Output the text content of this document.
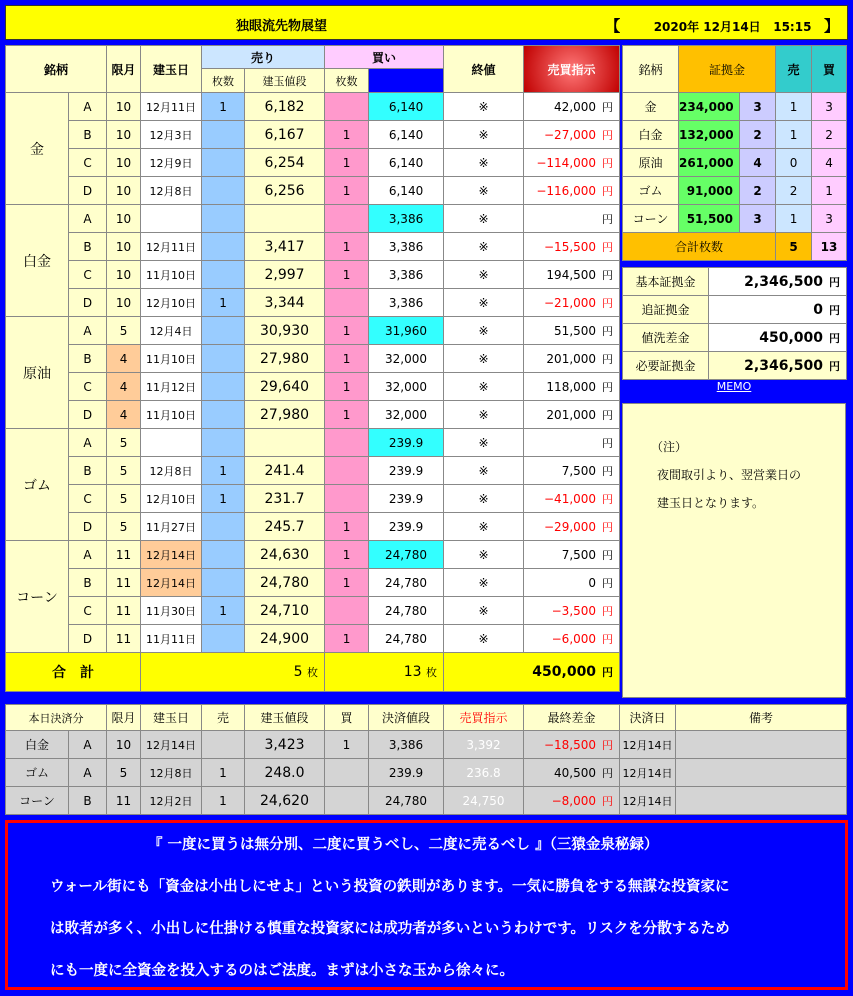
独眼流先物展望	【	2020年 12月14日 15:15 】
銘柄		限月	建玉日	売り		買い		終値	売買指示	
				枚数	建玉値段	枚数				
金	A	10	12月11日	1	6,182		6,140	※	42,000 円	
	B	10	12月3日		6,167	1	6,140	※	−27,000 円	
	C	10	12月9日		6,254	1	6,140	※	−114,000 円	
	D	10	12月8日		6,256	1	6,140	※	−116,000 円	
白金	A	10					3,386	※	円	
	B	10	12月11日		3,417	1	3,386	※	−15,500 円	
	C	10	11月10日		2,997	1	3,386	※	194,500 円	
	D	10	12月10日	1	3,344		3,386	※	−21,000 円	
原油	A	5	12月4日		30,930	1	31,960	※	51,500 円	
	B	4	11月10日		27,980	1	32,000	※	201,000 円	
	C	4	11月12日		29,640	1	32,000	※	118,000 円	
	D	4	11月10日		27,980	1	32,000	※	201,000 円	
ゴム	A	5					239.9	※	円	
	B	5	12月8日	1	241.4		239.9	※	7,500 円	
	C	5	12月10日	1	231.7		239.9	※	−41,000 円	
	D	5	11月27日		245.7	1	239.9	※	−29,000 円	
コーン	A	11	12月14日		24,630	1	24,780	※	7,500 円	
	B	11	12月14日		24,780	1	24,780	※	0 円	
	C	11	11月30日	1	24,710		24,780	※	−3,500 円	
	D	11	11月11日		24,900	1	24,780	※	−6,000 円	
合　計			5 枚			13 枚		450,000 円		
銘柄	証拠金		売	買
金	234,000	3	1	3
白金	132,000	2	1	2
原油	261,000	4	0	4
ゴム	91,000	2	2	1
コーン	51,500	3	1	3
合計枚数			5	13
基本証拠金	2,346,500 円
追証拠金	0 円
値洗差金	450,000 円
必要証拠金	2,346,500 円
MEMO

（注）

夜間取引より、翌営業日の

建玉日となります。

本日決済分		限月	建玉日	売	建玉値段	買	決済値段	売買指示	最終差金	決済日	備考
白金	A	10	12月14日		3,423	1	3,386	3,392	−18,500 円	12月14日	
ゴム	A	5	12月8日	1	248.0		239.9	236.8	40,500 円	12月14日	
コーン	B	11	12月2日	1	24,620		24,780	24,750	−8,000 円	12月14日	
『 一度に買うは無分別、二度に買うべし、二度に売るべし 』（三猿金泉秘録）
ウォール街にも「資金は小出しにせよ」という投資の鉄則があります。一気に勝負をする無謀な投資家に
は敗者が多く、小出しに仕掛ける慎重な投資家には成功者が多いというわけです。リスクを分散するため
にも一度に全資金を投入するのはご法度。まずは小さな玉から徐々に。
